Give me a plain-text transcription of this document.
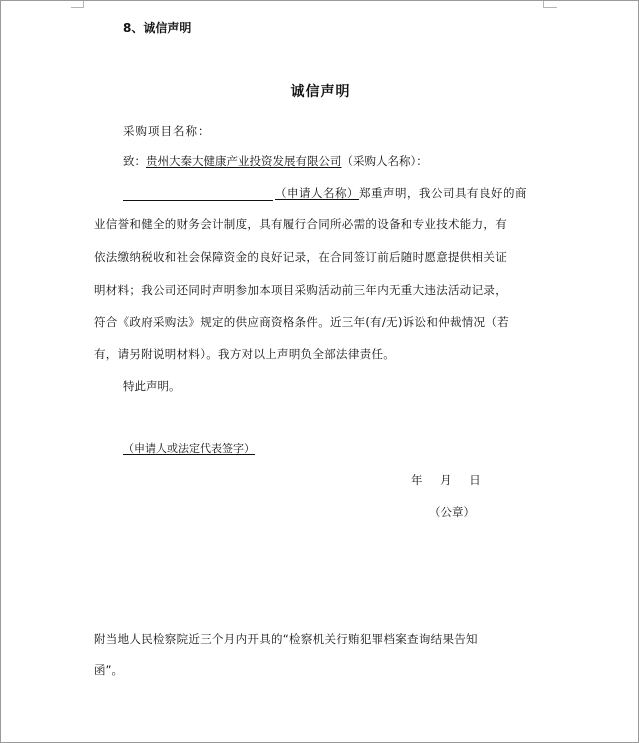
8、诚信声明
诚信声明
采购项目名称：
致：贵州大秦大健康产业投资发展有限公司（采购人名称）：
（申请人名称）郑重声明，我公司具有良好的商
业信誉和健全的财务会计制度，具有履行合同所必需的设备和专业技术能力，有
依法缴纳税收和社会保障资金的良好记录，在合同签订前后随时愿意提供相关证
明材料；我公司还同时声明参加本项目采购活动前三年内无重大违法活动记录，
符合《政府采购法》规定的供应商资格条件。近三年(有/无)诉讼和仲裁情况（若
有，请另附说明材料）。我方对以上声明负全部法律责任。
特此声明。
（申请人或法定代表签字）
年 月 日
（公章）
附当地人民检察院近三个月内开具的“检察机关行贿犯罪档案查询结果告知
函”。
